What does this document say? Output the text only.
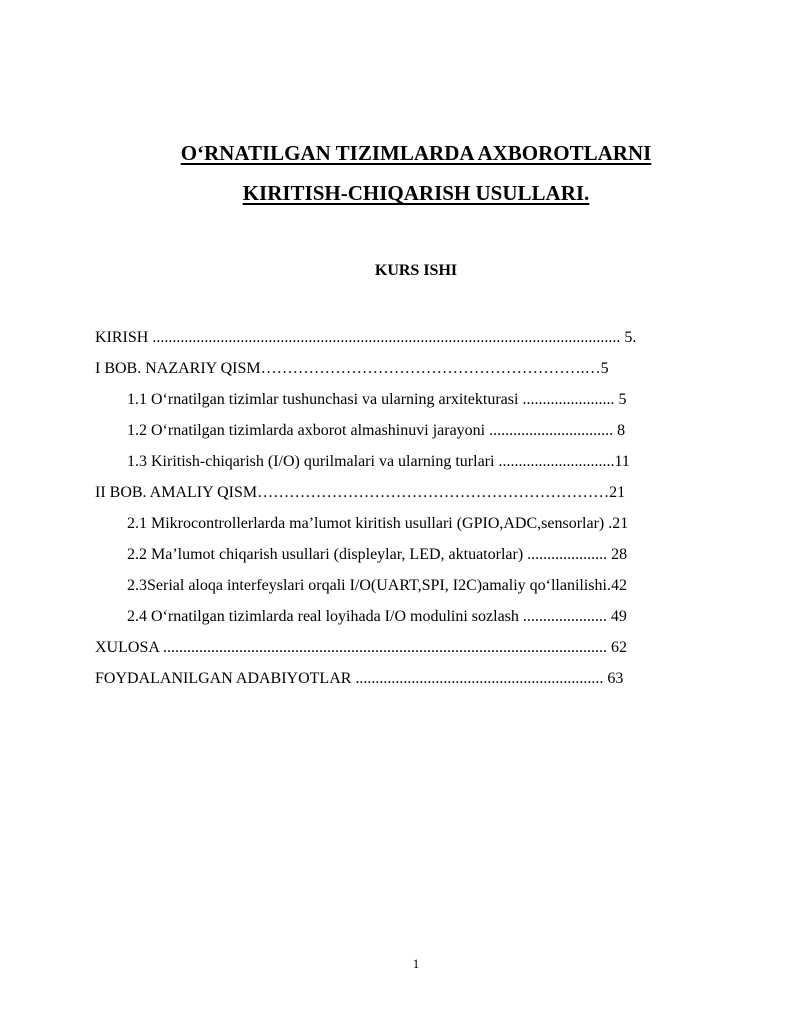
O‘RNATILGAN TIZIMLARDA AXBOROTLARNI
KIRITISH-CHIQARISH USULLARI.
KURS ISHI
KIRISH ..................................................................................................................... 5.
I BOB. NAZARIY QISM…………………………………………………….…5
1.1 O‘rnatilgan tizimlar tushunchasi va ularning arxitekturasi ....................... 5
1.2 O‘rnatilgan tizimlarda axborot almashinuvi jarayoni ............................... 8
1.3 Kiritish-chiqarish (I/O) qurilmalari va ularning turlari .............................11
II BOB. AMALIY QISM…………………………………………………………21
2.1 Mikrocontrollerlarda ma’lumot kiritish usullari (GPIO,ADC,sensorlar) .21
2.2 Ma’lumot chiqarish usullari (displeylar, LED, aktuatorlar) .................... 28
2.3Serial aloqa interfeyslari orqali I/O(UART,SPI, I2C)amaliy qo‘llanilishi.42
2.4 O‘rnatilgan tizimlarda real loyihada I/O modulini sozlash ..................... 49
XULOSA ............................................................................................................... 62
FOYDALANILGAN ADABIYOTLAR .............................................................. 63
1
